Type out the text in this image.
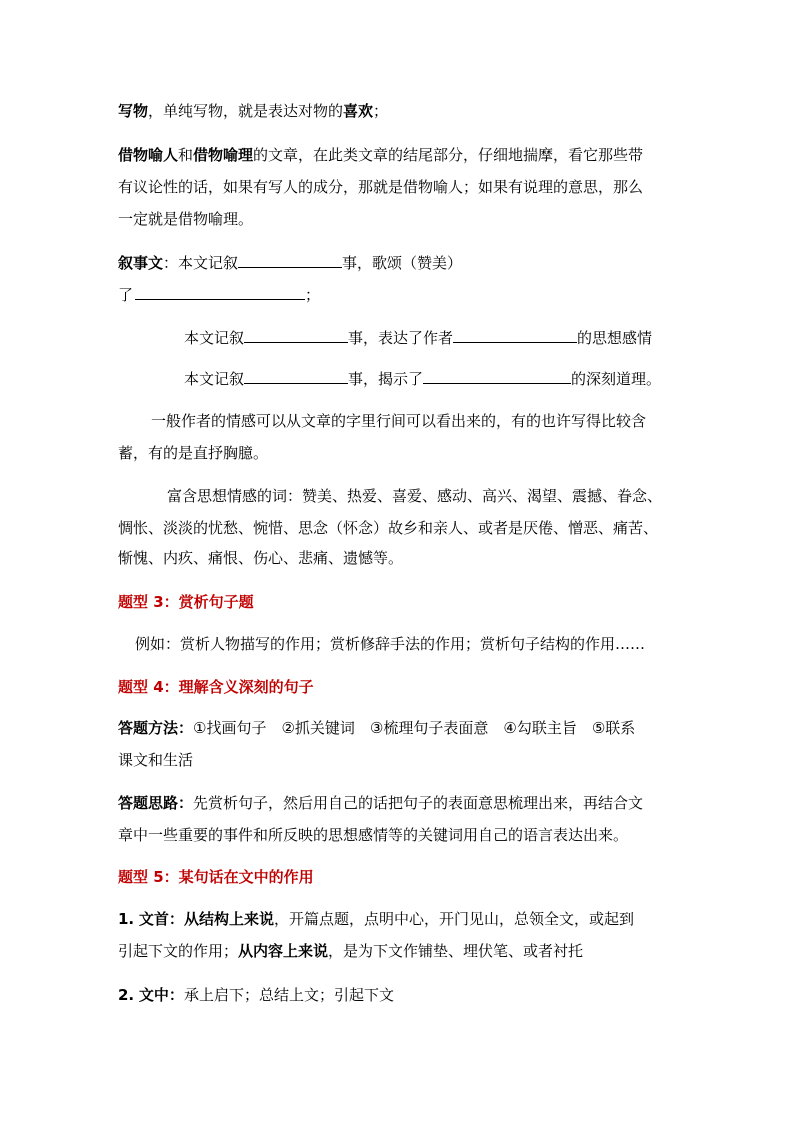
写物，单纯写物，就是表达对物的喜欢；
借物喻人和借物喻理的文章，在此类文章的结尾部分，仔细地揣摩，看它那些带
有议论性的话，如果有写人的成分，那就是借物喻人；如果有说理的意思，那么
一定就是借物喻理。
叙事文：本文记叙	事，歌颂（赞美）
了	；
本文记叙	事，表达了作者	的思想感情
本文记叙	事，揭示了	的深刻道理。
一般作者的情感可以从文章的字里行间可以看出来的，有的也许写得比较含
蓄，有的是直抒胸臆。
富含思想情感的词：赞美、热爱、喜爱、感动、高兴、渴望、震撼、眷念、
惆怅、淡淡的忧愁、惋惜、思念（怀念）故乡和亲人、或者是厌倦、憎恶、痛苦、
惭愧、内疚、痛恨、伤心、悲痛、遗憾等。
题型 3：赏析句子题
例如：赏析人物描写的作用；赏析修辞手法的作用；赏析句子结构的作用……
题型 4：理解含义深刻的句子
答题方法：①找画句子　②抓关键词　③梳理句子表面意　④勾联主旨　⑤联系
课文和生活
答题思路：先赏析句子，然后用自己的话把句子的表面意思梳理出来，再结合文
章中一些重要的事件和所反映的思想感情等的关键词用自己的语言表达出来。
题型 5：某句话在文中的作用
1. 文首：从结构上来说，开篇点题，点明中心，开门见山，总领全文，或起到
引起下文的作用；从内容上来说，是为下文作铺垫、埋伏笔、或者衬托
2. 文中：承上启下；总结上文；引起下文
